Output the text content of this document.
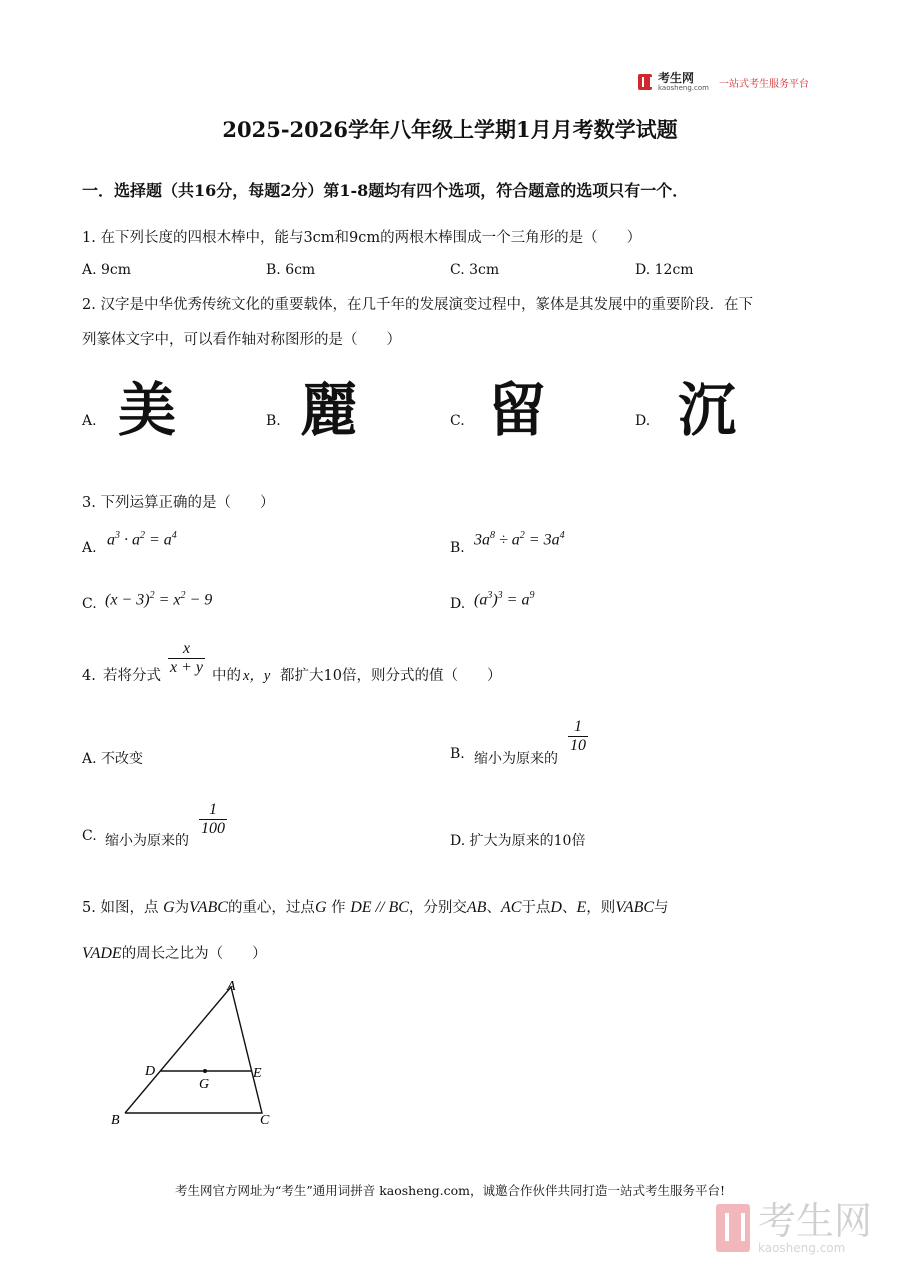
考生网
kaosheng.com 一站式考生服务平台
2025-2026学年八年级上学期1月月考数学试题
一．选择题（共16分，每题2分）第1-8题均有四个选项，符合题意的选项只有一个．
1. 在下列长度的四根木棒中，能与3cm和9cm的两根木棒围成一个三角形的是（　　）
A. 9cm	B. 6cm	C. 3cm	D. 12cm
2. 汉字是中华优秀传统文化的重要载体，在几千年的发展演变过程中，篆体是其发展中的重要阶段．在下
列篆体文字中，可以看作轴对称图形的是（　　）
A. 美	B. 麗	C. 留	D. 沉
3. 下列运算正确的是（　　）
A. $a^3 \cdot a^2 = a^4$
B. $3a^8 \div a^2 = 3a^4$
C. $(x - 3)^2 = x^2 - 9$	D. $(a^3)^3 = a^9$
4. 若将分式 $\frac{x}{x + y}$ 中的 x，y 都扩大10倍，则分式的值（　　）
A. 不改变	B. 缩小为原来的
$\frac{1}{10}$
C. 缩小为原来的
$\frac{1}{100}$
D. 扩大为原来的10倍
5. 如图，点 G为VABC的重心，过点G 作 DE // BC，分别交AB、AC于点D、E，则VABC与
VADE的周长之比为（　　）
A
D	E
G
B	C
考生网官方网址为“考生”通用词拼音 kaosheng.com，诚邀合作伙伴共同打造一站式考生服务平台!
考生网
kaosheng.com
